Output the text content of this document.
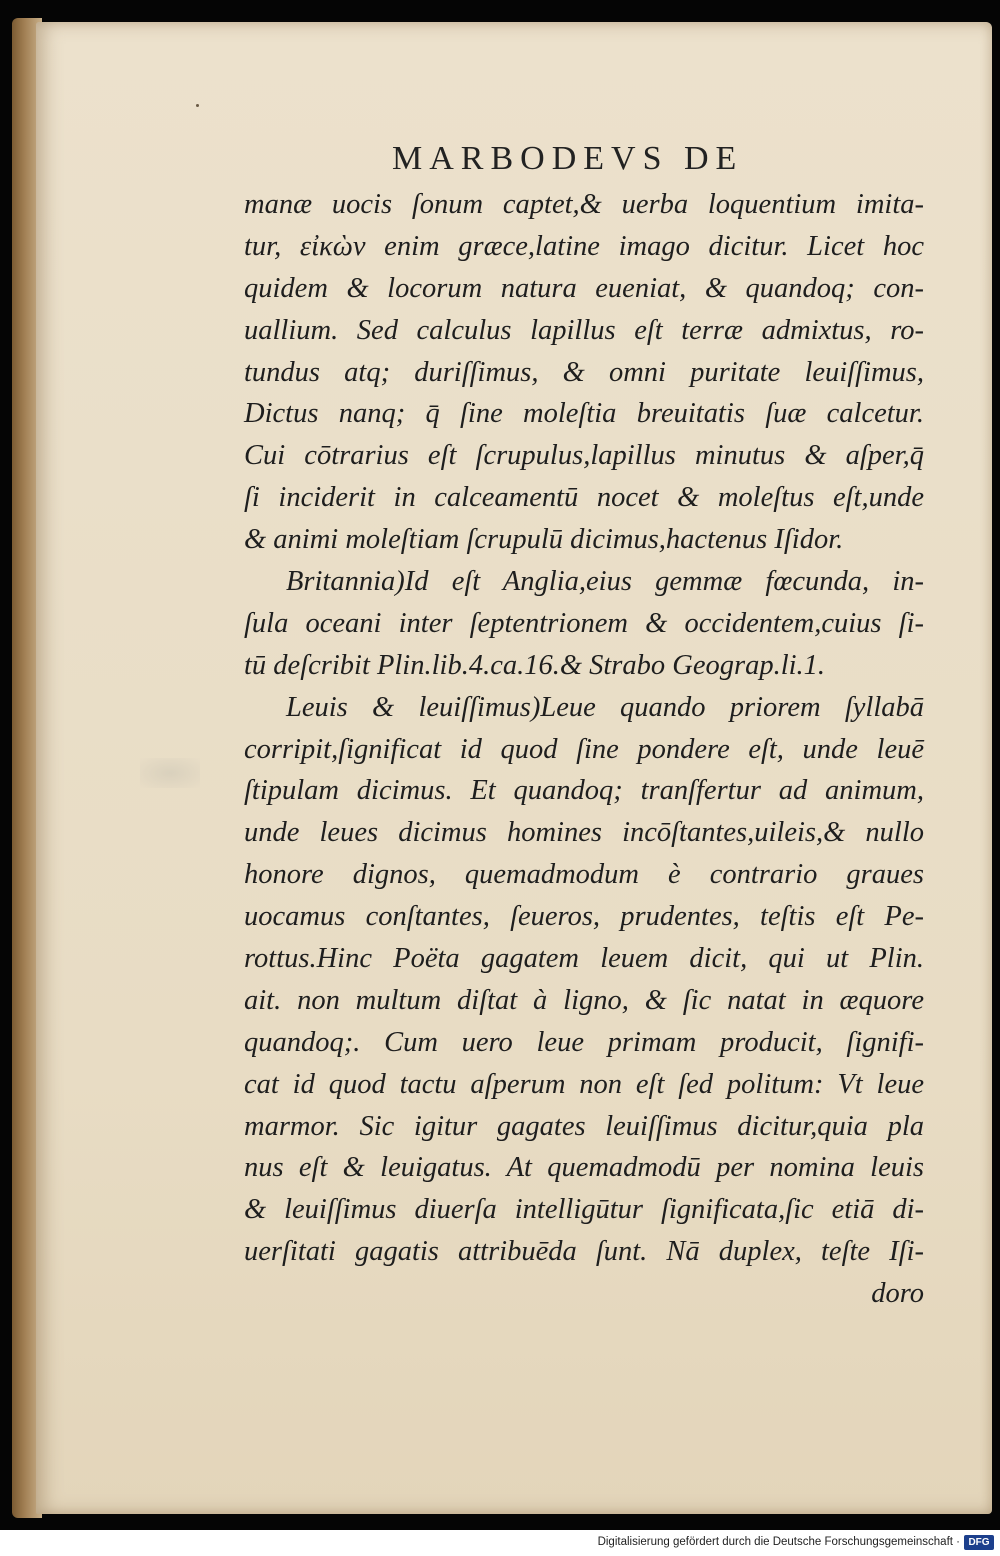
MARBODEVS DE
manæ uocis ſonum captet,& uerba loquentium imita-
tur, εἰκὼν enim græce,latine imago dicitur. Licet hoc
quidem & locorum natura eueniat, & quandoq; con-
uallium. Sed calculus lapillus eſt terræ admixtus, ro-
tundus atq; duriſſimus, & omni puritate leuiſſimus,
Dictus nanq; q̄ ſine moleſtia breuitatis ſuæ calcetur.
Cui cōtrarius eſt ſcrupulus,lapillus minutus & aſper,q̄
ſi inciderit in calceamentū nocet & moleſtus eſt,unde
& animi moleſtiam ſcrupulū dicimus,hactenus Iſidor.
Britannia)Id eſt Anglia,eius gemmæ fœcunda, in-
ſula oceani inter ſeptentrionem & occidentem,cuius ſi-
tū deſcribit Plin.lib.4.ca.16.& Strabo Geograp.li.1.
Leuis & leuiſſimus)Leue quando priorem ſyllabā
corripit,ſignificat id quod ſine pondere eſt, unde leuē
ſtipulam dicimus. Et quandoq; tranſfertur ad animum,
unde leues dicimus homines incōſtantes,uileis,& nullo
honore dignos, quemadmodum è contrario graues
uocamus conſtantes, ſeueros, prudentes, teſtis eſt Pe-
rottus.Hinc Poëta gagatem leuem dicit, qui ut Plin.
ait. non multum diſtat à ligno, & ſic natat in æquore
quandoq;. Cum uero leue primam producit, ſignifi-
cat id quod tactu aſperum non eſt ſed politum: Vt leue
marmor. Sic igitur gagates leuiſſimus dicitur,quia pla
nus eſt & leuigatus. At quemadmodū per nomina leuis
& leuiſſimus diuerſa intelligūtur ſignificata,ſic etiā di-
uerſitati gagatis attribuēda ſunt. Nā duplex, teſte Iſi-
doro
Digitalisierung gefördert durch die Deutsche Forschungsgemeinschaft · DFG
